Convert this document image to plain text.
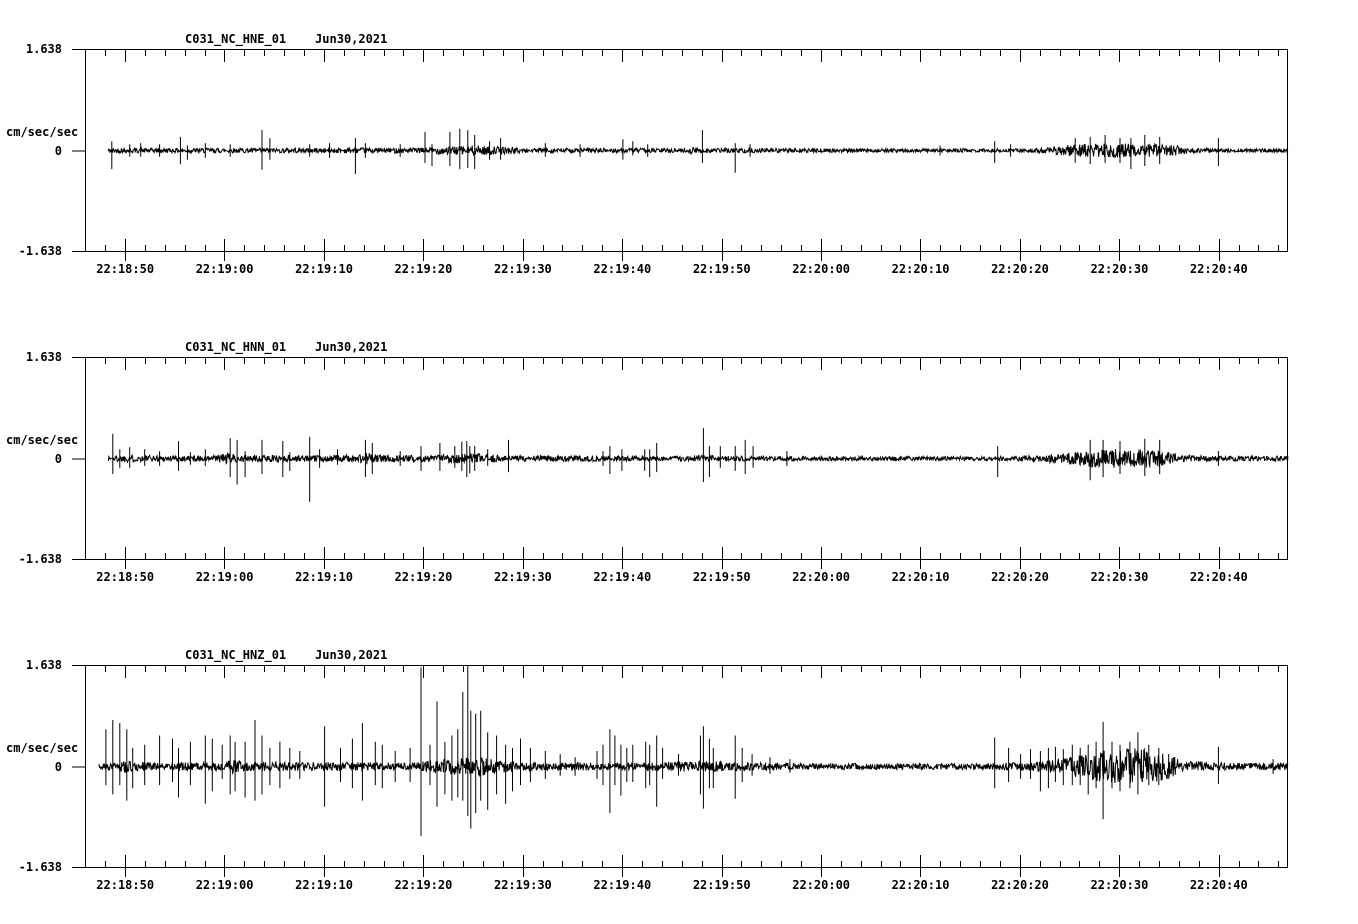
C031_NC_HNE_01    Jun30,2021
1.638
0
-1.638
cm/sec/sec
22:18:50	22:19:00	22:19:10	22:19:20	22:19:30	22:19:40	22:19:50	22:20:00	22:20:10	22:20:20	22:20:30	22:20:40
C031_NC_HNN_01    Jun30,2021
1.638
0
-1.638
cm/sec/sec
22:18:50	22:19:00	22:19:10	22:19:20	22:19:30	22:19:40	22:19:50	22:20:00	22:20:10	22:20:20	22:20:30	22:20:40
C031_NC_HNZ_01    Jun30,2021
1.638
0
-1.638
cm/sec/sec
22:18:50	22:19:00	22:19:10	22:19:20	22:19:30	22:19:40	22:19:50	22:20:00	22:20:10	22:20:20	22:20:30	22:20:40
